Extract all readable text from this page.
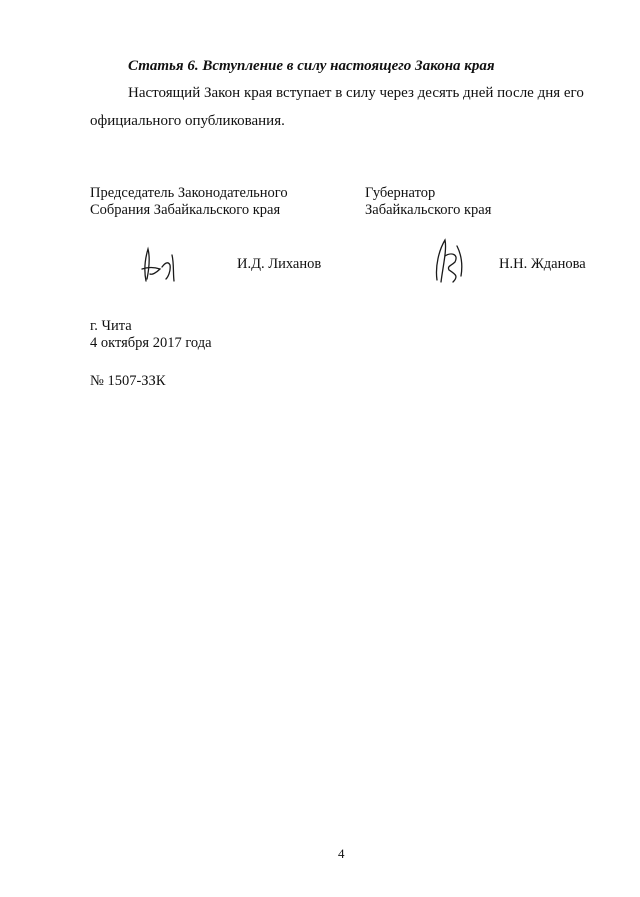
Статья 6. Вступление в силу настоящего Закона края
Настоящий Закон края вступает в силу через десять дней после дня его
официального опубликования.
Председатель Законодательного
Собрания Забайкальского края
Губернатор
Забайкальского края
И.Д. Лиханов	Н.Н. Жданова
г. Чита
4 октября 2017 года
№ 1507-ЗЗК
4
